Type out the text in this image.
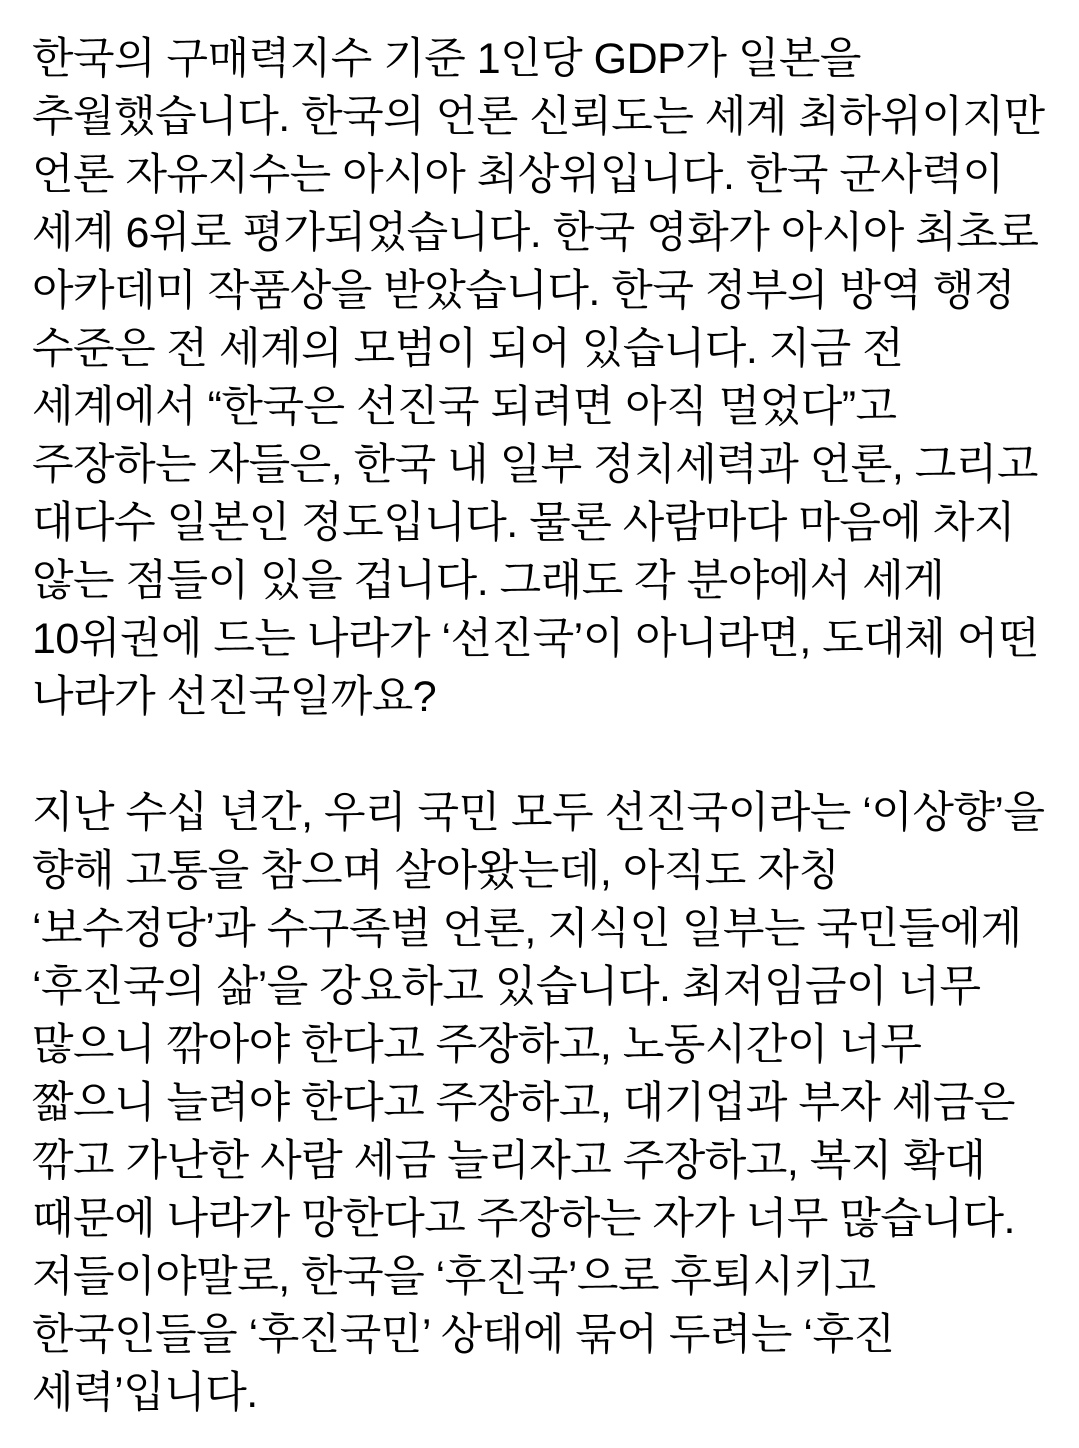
한국의 구매력지수 기준 1인당 GDP가 일본을
추월했습니다. 한국의 언론 신뢰도는 세계 최하위이지만
언론 자유지수는 아시아 최상위입니다. 한국 군사력이
세계 6위로 평가되었습니다. 한국 영화가 아시아 최초로
아카데미 작품상을 받았습니다. 한국 정부의 방역 행정
수준은 전 세계의 모범이 되어 있습니다. 지금 전
세계에서 “한국은 선진국 되려면 아직 멀었다”고
주장하는 자들은, 한국 내 일부 정치세력과 언론, 그리고
대다수 일본인 정도입니다. 물론 사람마다 마음에 차지
않는 점들이 있을 겁니다. 그래도 각 분야에서 세게
10위권에 드는 나라가 ‘선진국’이 아니라면, 도대체 어떤
나라가 선진국일까요?
지난 수십 년간, 우리 국민 모두 선진국이라는 ‘이상향’을
향해 고통을 참으며 살아왔는데, 아직도 자칭
‘보수정당’과 수구족벌 언론, 지식인 일부는 국민들에게
‘후진국의 삶’을 강요하고 있습니다. 최저임금이 너무
많으니 깎아야 한다고 주장하고, 노동시간이 너무
짧으니 늘려야 한다고 주장하고, 대기업과 부자 세금은
깎고 가난한 사람 세금 늘리자고 주장하고, 복지 확대
때문에 나라가 망한다고 주장하는 자가 너무 많습니다.
저들이야말로, 한국을 ‘후진국’으로 후퇴시키고
한국인들을 ‘후진국민’ 상태에 묶어 두려는 ‘후진
세력’입니다.
